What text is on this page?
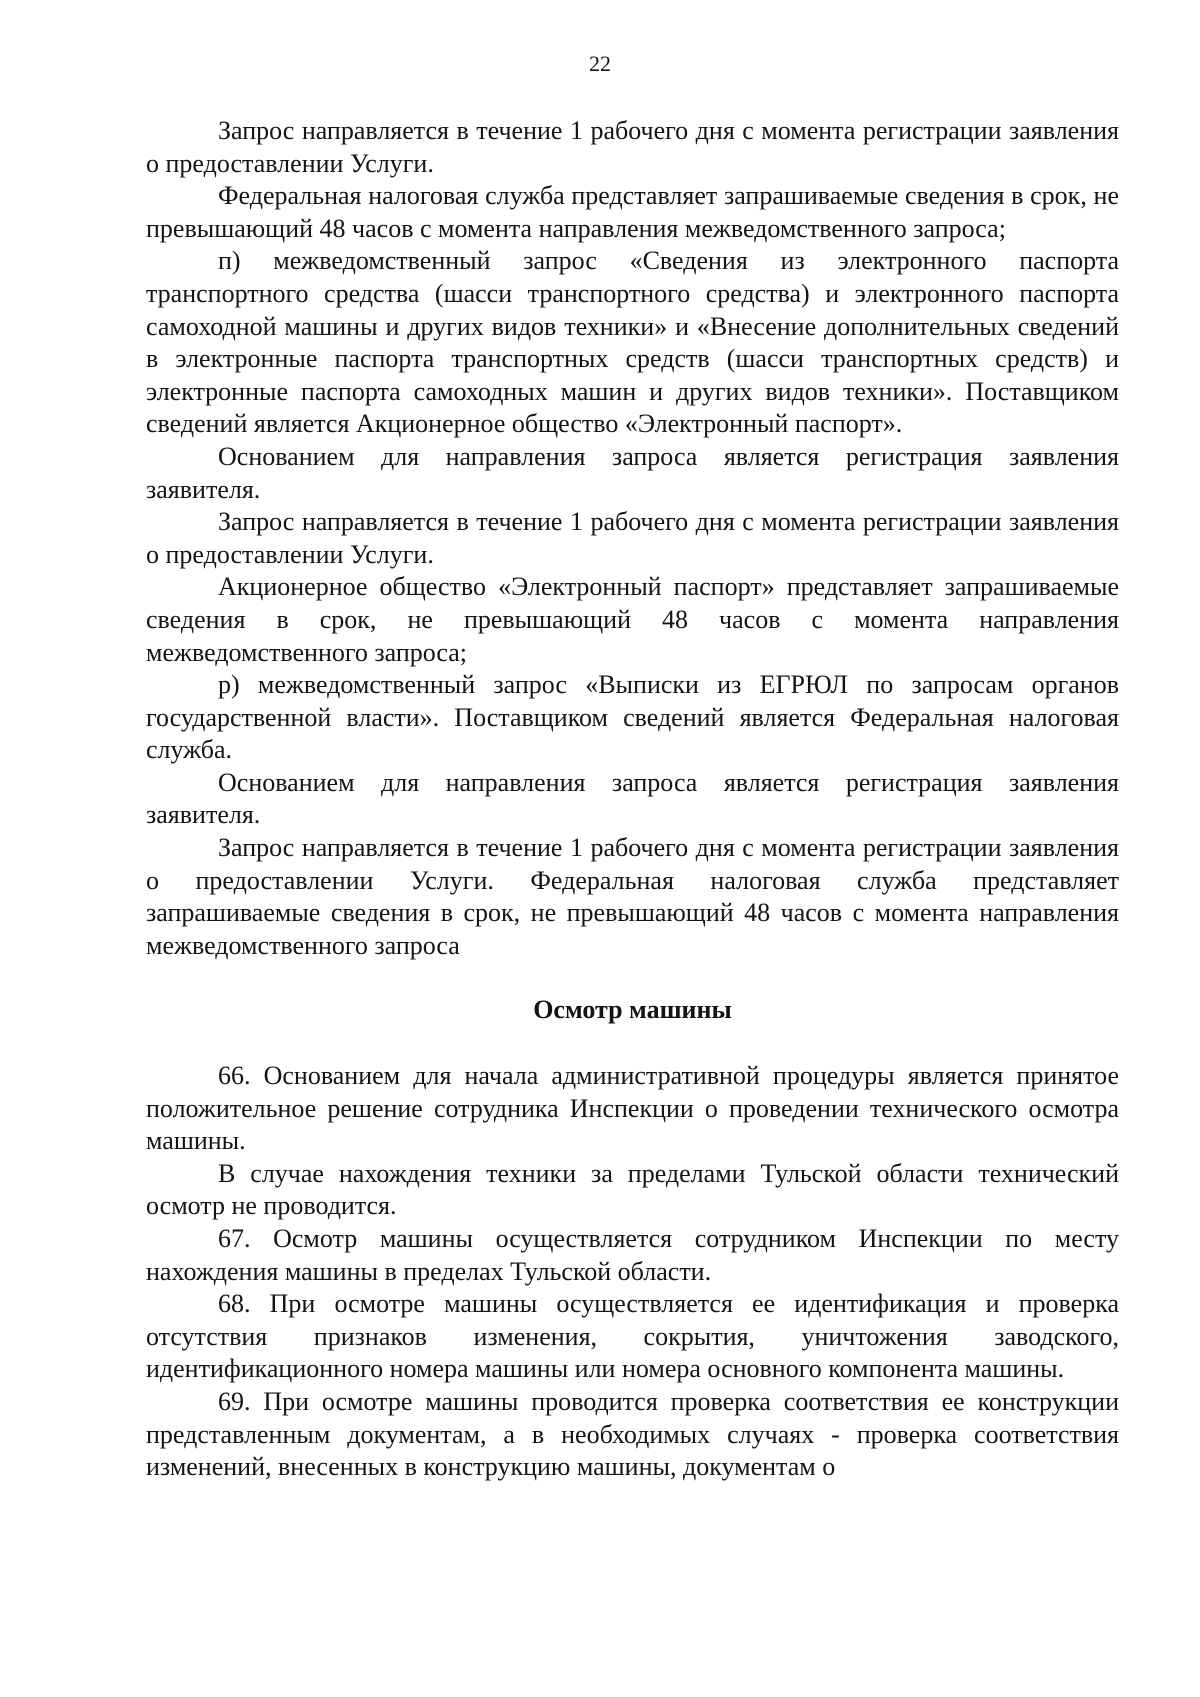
22

Запрос направляется в течение 1 рабочего дня с момента регистрации заявления о предоставлении Услуги.

Федеральная налоговая служба представляет запрашиваемые сведения в срок, не превышающий 48 часов с момента направления межведомственного запроса;

п) межведомственный запрос «Сведения из электронного паспорта транспортного средства (шасси транспортного средства) и электронного паспорта самоходной машины и других видов техники» и «Внесение дополнительных сведений в электронные паспорта транспортных средств (шасси транспортных средств) и электронные паспорта самоходных машин и других видов техники». Поставщиком сведений является Акционерное общество «Электронный паспорт».

Основанием для направления запроса является регистрация заявления заявителя.

Запрос направляется в течение 1 рабочего дня с момента регистрации заявления о предоставлении Услуги.

Акционерное общество «Электронный паспорт» представляет запрашиваемые сведения в срок, не превышающий 48 часов с момента направления межведомственного запроса;

р) межведомственный запрос «Выписки из ЕГРЮЛ по запросам органов государственной власти». Поставщиком сведений является Федеральная налоговая служба.

Основанием для направления запроса является регистрация заявления заявителя.

Запрос направляется в течение 1 рабочего дня с момента регистрации заявления о предоставлении Услуги. Федеральная налоговая служба представляет запрашиваемые сведения в срок, не превышающий 48 часов с момента направления межведомственного запроса

Осмотр машины

66. Основанием для начала административной процедуры является принятое положительное решение сотрудника Инспекции о проведении технического осмотра машины.

В случае нахождения техники за пределами Тульской области технический осмотр не проводится.

67. Осмотр машины осуществляется сотрудником Инспекции по месту нахождения машины в пределах Тульской области.

68. При осмотре машины осуществляется ее идентификация и проверка отсутствия признаков изменения, сокрытия, уничтожения заводского, идентификационного номера машины или номера основного компонента машины.

69. При осмотре машины проводится проверка соответствия ее конструкции представленным документам, а в необходимых случаях - проверка соответствия изменений, внесенных в конструкцию машины, документам о
